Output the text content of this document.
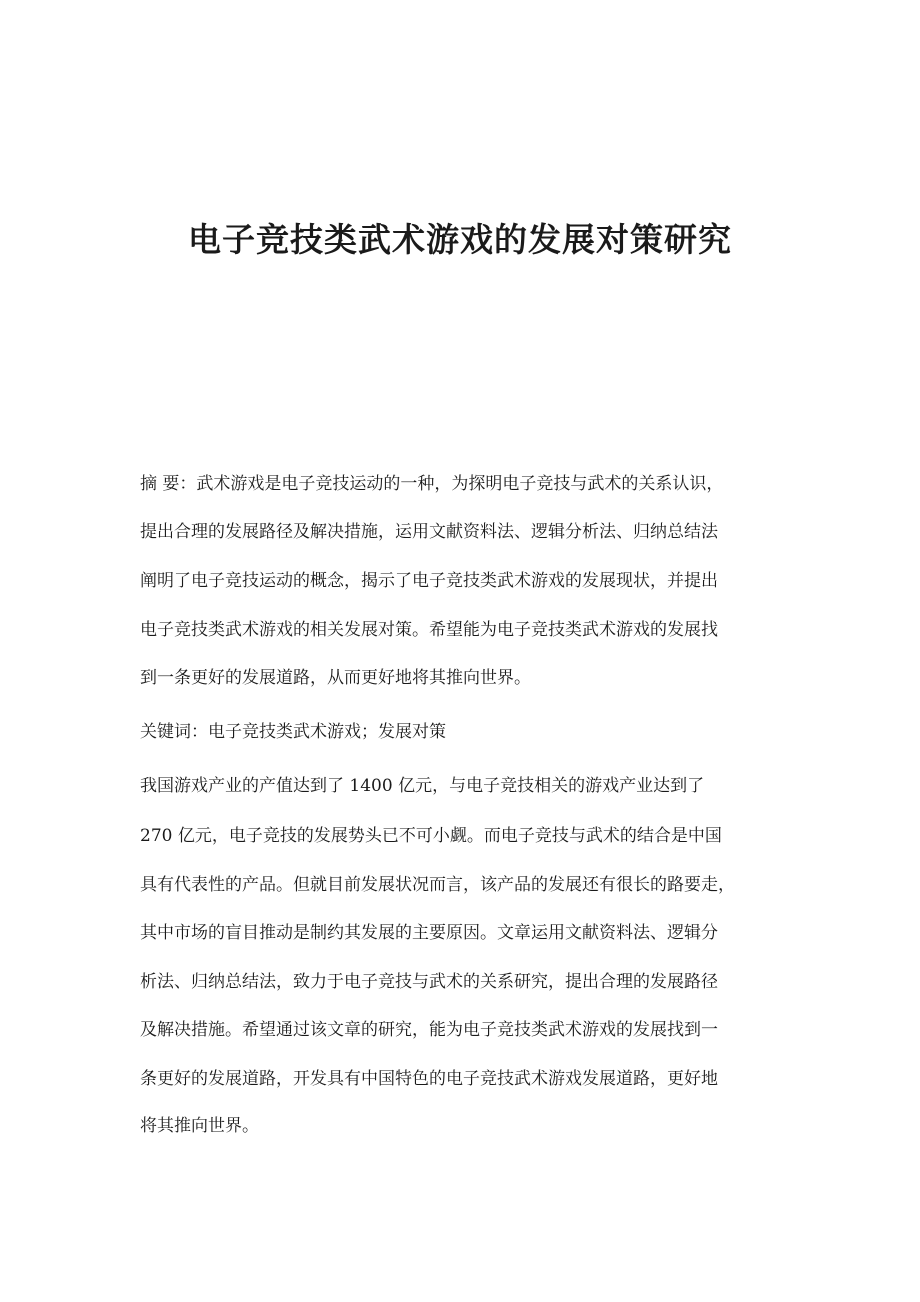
电子竞技类武术游戏的发展对策研究

摘 要：武术游戏是电子竞技运动的一种，为探明电子竞技与武术的关系认识，

提出合理的发展路径及解决措施，运用文献资料法、逻辑分析法、归纳总结法

阐明了电子竞技运动的概念，揭示了电子竞技类武术游戏的发展现状，并提出

电子竞技类武术游戏的相关发展对策。希望能为电子竞技类武术游戏的发展找

到一条更好的发展道路，从而更好地将其推向世界。

关键词：电子竞技类武术游戏；发展对策

我国游戏产业的产值达到了 1400 亿元，与电子竞技相关的游戏产业达到了

270 亿元，电子竞技的发展势头已不可小觑。而电子竞技与武术的结合是中国

具有代表性的产品。但就目前发展状况而言，该产品的发展还有很长的路要走，

其中市场的盲目推动是制约其发展的主要原因。文章运用文献资料法、逻辑分

析法、归纳总结法，致力于电子竞技与武术的关系研究，提出合理的发展路径

及解决措施。希望通过该文章的研究，能为电子竞技类武术游戏的发展找到一

条更好的发展道路，开发具有中国特色的电子竞技武术游戏发展道路，更好地

将其推向世界。
